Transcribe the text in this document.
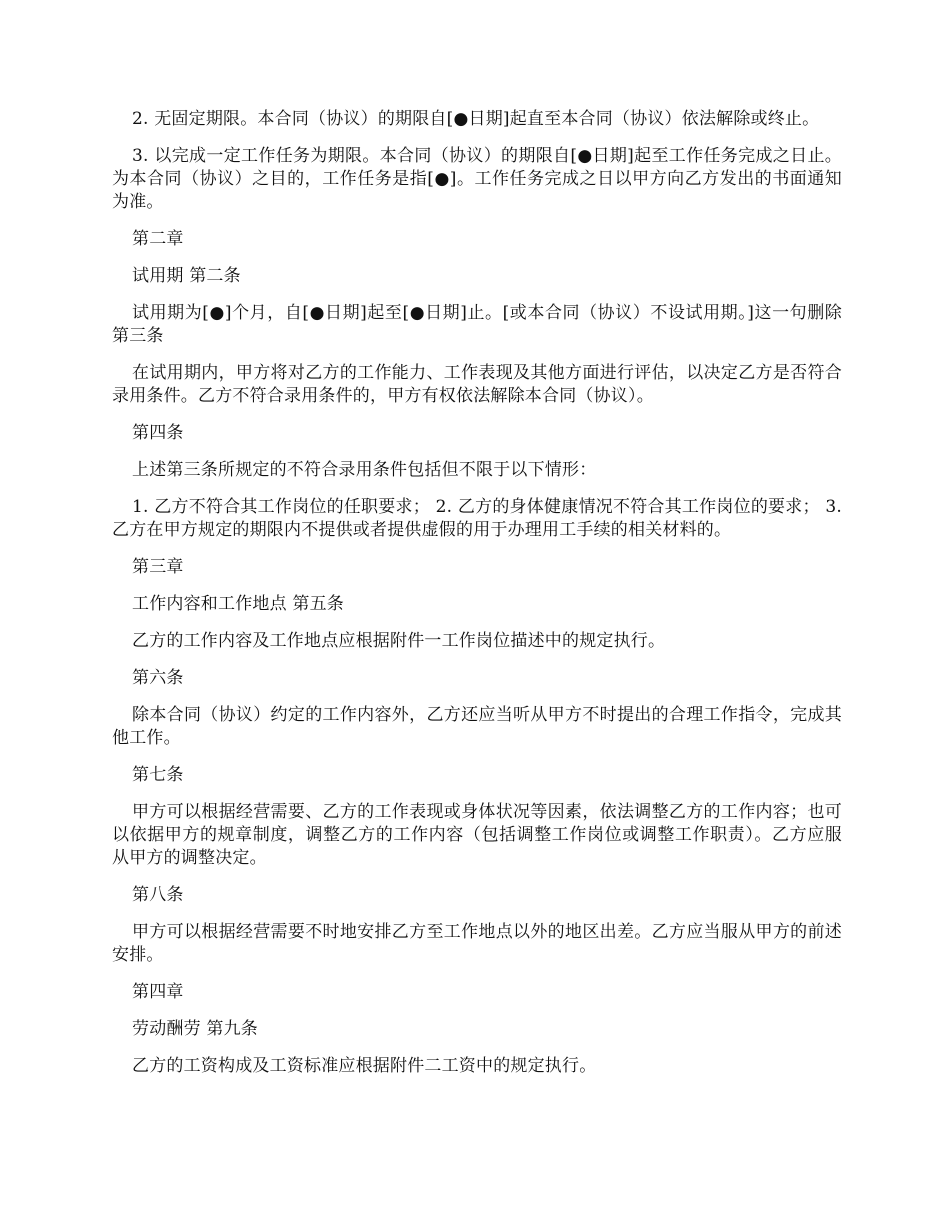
2. 无固定期限。本合同（协议）的期限自[●日期]起直至本合同（协议）依法解除或终止。

3. 以完成一定工作任务为期限。本合同（协议）的期限自[●日期]起至工作任务完成之日止。为本合同（协议）之目的，工作任务是指[●]。工作任务完成之日以甲方向乙方发出的书面通知为准。

第二章

试用期 第二条

试用期为[●]个月，自[●日期]起至[●日期]止。[或本合同（协议）不设试用期。]这一句删除 第三条

在试用期内，甲方将对乙方的工作能力、工作表现及其他方面进行评估，以决定乙方是否符合录用条件。乙方不符合录用条件的，甲方有权依法解除本合同（协议）。

第四条

上述第三条所规定的不符合录用条件包括但不限于以下情形：

1. 乙方不符合其工作岗位的任职要求； 2. 乙方的身体健康情况不符合其工作岗位的要求； 3. 乙方在甲方规定的期限内不提供或者提供虚假的用于办理用工手续的相关材料的。

第三章

工作内容和工作地点 第五条

乙方的工作内容及工作地点应根据附件一工作岗位描述中的规定执行。

第六条

除本合同（协议）约定的工作内容外，乙方还应当听从甲方不时提出的合理工作指令，完成其他工作。

第七条

甲方可以根据经营需要、乙方的工作表现或身体状况等因素，依法调整乙方的工作内容；也可以依据甲方的规章制度，调整乙方的工作内容（包括调整工作岗位或调整工作职责）。乙方应服从甲方的调整决定。

第八条

甲方可以根据经营需要不时地安排乙方至工作地点以外的地区出差。乙方应当服从甲方的前述安排。

第四章

劳动酬劳 第九条

乙方的工资构成及工资标准应根据附件二工资中的规定执行。
